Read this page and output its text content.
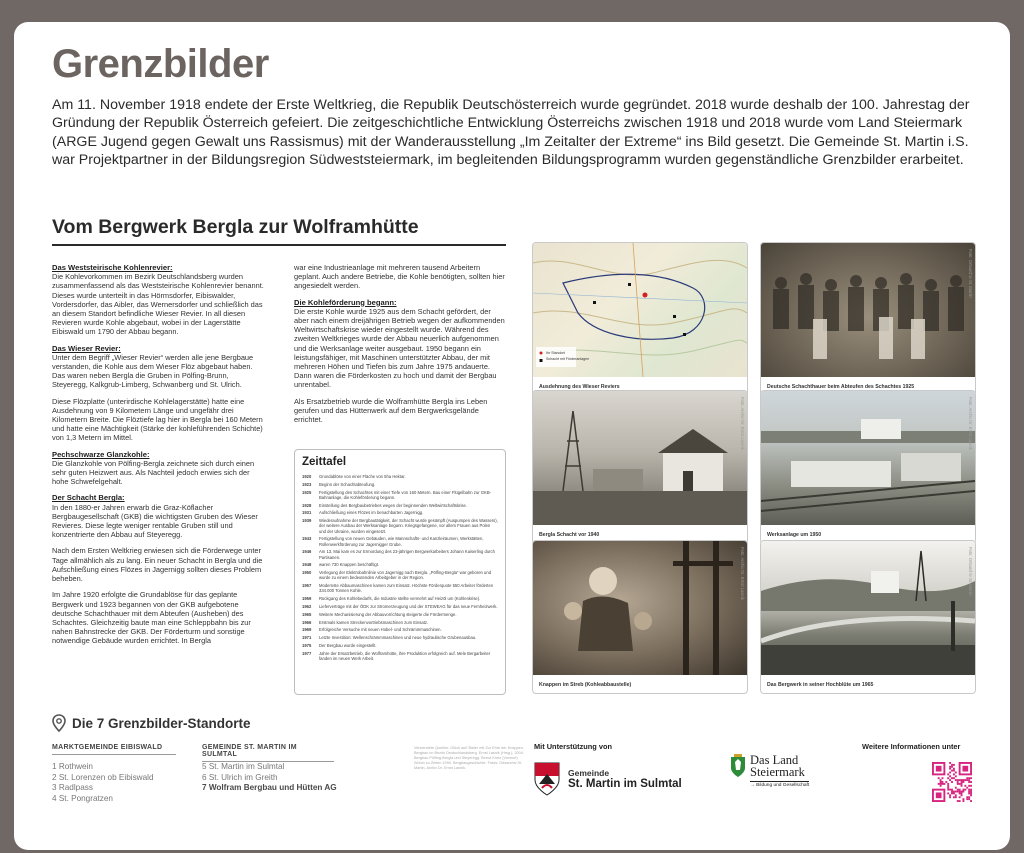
Grenzbilder
Am 11. November 1918 endete der Erste Weltkrieg, die Republik Deutschösterreich wurde gegründet. 2018 wurde deshalb der 100. Jahrestag der Gründung der Republik Österreich gefeiert. Die zeitgeschichtliche Entwicklung Österreichs zwischen 1918 und 2018 wurde vom Land Steiermark (ARGE Jugend gegen Gewalt uns Rassismus) mit der Wanderausstellung „Im Zeitalter der Extreme“ ins Bild gesetzt. Die Gemeinde St. Martin i.S. war Projektpartner in der Bildungsregion Südweststeiermark, im begleitenden Bildungsprogramm wurden gegenständliche Grenzbilder erarbeitet.
Vom Bergwerk Bergla zur Wolframhütte
Das Weststeirische Kohlenrevier:

Die Kohlevorkommen im Bezirk Deutschlandsberg wurden zusammenfassend als das Weststeirische Kohlenrevier benannt. Dieses wurde unterteilt in das Hörmsdorfer, Eibiswalder, Vordersdorfer, das Aibler, das Wernersdorfer und schließlich das an diesem Standort befindliche Wieser Revier. In all diesen Revieren wurde Kohle abgebaut, wobei in der Lagerstätte Eibiswald um 1790 der Abbau begann.

Das Wieser Revier:

Unter dem Begriff „Wieser Revier“ werden alle jene Bergbaue verstanden, die Kohle aus dem Wieser Flöz abgebaut haben. Das waren neben Bergla die Gruben in Pölfing-Brunn, Steyeregg, Kalkgrub-Limberg, Schwanberg und St. Ulrich.

Diese Flözplatte (unterirdische Kohlelagerstätte) hatte eine Ausdehnung von 9 Kilometern Länge und ungefähr drei Kilometern Breite. Die Flöztiefe lag hier in Bergla bei 160 Metern und hatte eine Mächtigkeit (Stärke der kohleführenden Schichte) von 1,3 Metern im Mittel.

Pechschwarze Glanzkohle:

Die Glanzkohle von Pölfing-Bergla zeichnete sich durch einen sehr guten Heizwert aus. Als Nachteil jedoch erwies sich der hohe Schwefelgehalt.

Der Schacht Bergla:

In den 1880-er Jahren erwarb die Graz-Köflacher Bergbaugesellschaft (GKB) die wichtigsten Gruben des Wieser Revieres. Diese legte weniger rentable Gruben still und konzentrierte den Abbau auf Steyeregg.

Nach dem Ersten Weltkrieg erwiesen sich die Förderwege unter Tage allmählich als zu lang. Ein neuer Schacht in Bergla und die Aufschließung eines Flözes in Jagernigg sollten dieses Problem beheben.

Im Jahre 1920 erfolgte die Grundablöse für das geplante Bergwerk und 1923 begannen von der GKB aufgebotene deutsche Schachthauer mit dem Abteufen (Ausheben) des Schachtes. Gleichzeitig baute man eine Schleppbahn bis zur nahen Bahnstrecke der GKB. Der Förderturm und sonstige notwendige Gebäude wurden errichtet. In Bergla

war eine Industrieanlage mit mehreren tausend Arbeitern geplant. Auch andere Betriebe, die Kohle benötigten, sollten hier angesiedelt werden.

Die Kohleförderung begann:

Die erste Kohle wurde 1925 aus dem Schacht gefördert, der aber nach einem dreijährigen Betrieb wegen der aufkommenden Weltwirtschaftskrise wieder eingestellt wurde. Während des zweiten Weltkrieges wurde der Abbau neuerlich aufgenommen und die Werksanlage weiter ausgebaut. 1950 begann ein leistungsfähiger, mit Maschinen unterstützter Abbau, der mit mehreren Höhen und Tiefen bis zum Jahre 1975 andauerte. Dann waren die Förderkosten zu hoch und damit der Bergbau unrentabel.

Als Ersatzbetrieb wurde die Wolframhütte Bergla ins Leben gerufen und das Hüttenwerk auf dem Bergwerksgelände errichtet.

Zeittafel
1920	Grundablöse von einer Fläche von 5ha Hektar.
1923	Beginn der Schachtabteufung.
1925	Fertigstellung des Schachtes mit einer Tiefe von 160 Metern. Bau einer Flügelbahn zur GKB-Bahnanlage, die Kohleförderung begann.
1928	Einstellung des Bergbaubetriebes wegen der beginnenden Weltwirtschaftskrise.
1931	Aufschließung eines Flözes im benachbarten Jagernigg.
1939	Wiederaufnahme der Bergbautätigkeit, der Schacht wurde gesümpft (Auspumpen des Wassers), der weitere Ausbau der Werksanlage begann. Kriegsgefangene, vor allem Frauen aus Polen und der Ukraine, wurden eingesetzt.
1943	Fertigstellung von neuen Gebäuden, wie Mannschafts- und Kanzleiräumen, Werkstätten, Rollenwerkförderung zur Jagernigger Grube.
1946	Am 13. Mai kam es zur Ermordung des 23-jährigen Bergwerkarbeiters Johann Kaiserling durch Partisanen.
1948	waren 730 Knappen beschäftigt.
1950	Verlegung der Elektrobahnlinie von Jagernigg nach Bergla. „Pölfing-Bergla“ war geboren und wurde zu einem bedeutenden Arbeitgeber in der Region.
1957	Modernste Abbaumaschinen kamen zum Einsatz. Höchste Förderquote 550 Arbeiter förderten 334.000 Tonnen Kohle.
1959	Rückgang des Kohlebedarfs, die Industrie stellte vermehrt auf Heizöl um (Kohlenkrise).
1962	Lieferverträge mit der ÖDK zur Stromerzeugung und der STEWEAG für das neue Fernheizwerk.
1965	Weitere Mechanisierung der Abbauvorrichtung steigerte die Fördermenge.
1966	Erstmals kamen Streckenvortriebsmaschinen zum Einsatz.
1969	Erfolgreiche Versuche mit neuen Hobel- und Schrämmmaschinen.
1971	Letzte Investition: Wellenschrämmmaschinen und neue hydraulische Grubenausbau.
1975	Der Bergbau wurde eingestellt.
1977	Jahre der Ersatzbetrieb, die Wolframhütte, ihre Produktion erfolgreich auf. Mele Bergarbeiter fanden im neuen Werk Arbeit.
Ihr Standort
Schacht mit Förderanlagen
Ausdehnung des Wieser Reviers
Foto: Ortsarchiv St. Martin
Deutsche Schachthauer beim Abteufen des Schachtes 1925
Foto: Archiv Dr. Ernst Lasnik
Bergla Schacht vor 1940
Foto: Archiv Dr. Ernst Lasnik
Werksanlage um 1950
Foto: Archiv Dr. Ernst Lasnik
Knappen im Streb (Kohleabbaustelle)
Foto: Ortsarchiv St. Martin
Das Bergwerk in seiner Hochblüte um 1965
Die 7 Grenzbilder-Standorte
MARKTGEMEINDE EIBISWALD	GEMEINDE ST. MARTIN IM SULMTAL
1 Rothwein
2 St. Lorenzen ob Eibiswald
3 Radlpass
4 St. Pongratzen
5 St. Martin im Sulmtal
6 St. Ulrich im Greith
7 Wolfram Bergbau und Hütten AG
Verwendete Quellen: Glück auf! Bilder mit Zur Ehre der Knappen, Bergbau im Bezirk Deutschlandsberg. Ernst Lasnik (Hrsg.), 2004. Bergbau Pölfing-Bergla und Steyeregg. Bernd Kretz (Vorwort) Wohin zu Zeiten 1990. Bergbaugeschichte. Fotos: Ortsarchiv St. Martin, Archiv Dr. Ernst Lasnik.
Mit Unterstützung von
Gemeinde
St. Martin im Sulmtal
Das Land
Steiermark
→ Bildung und Gesellschaft
Weitere Informationen unter
